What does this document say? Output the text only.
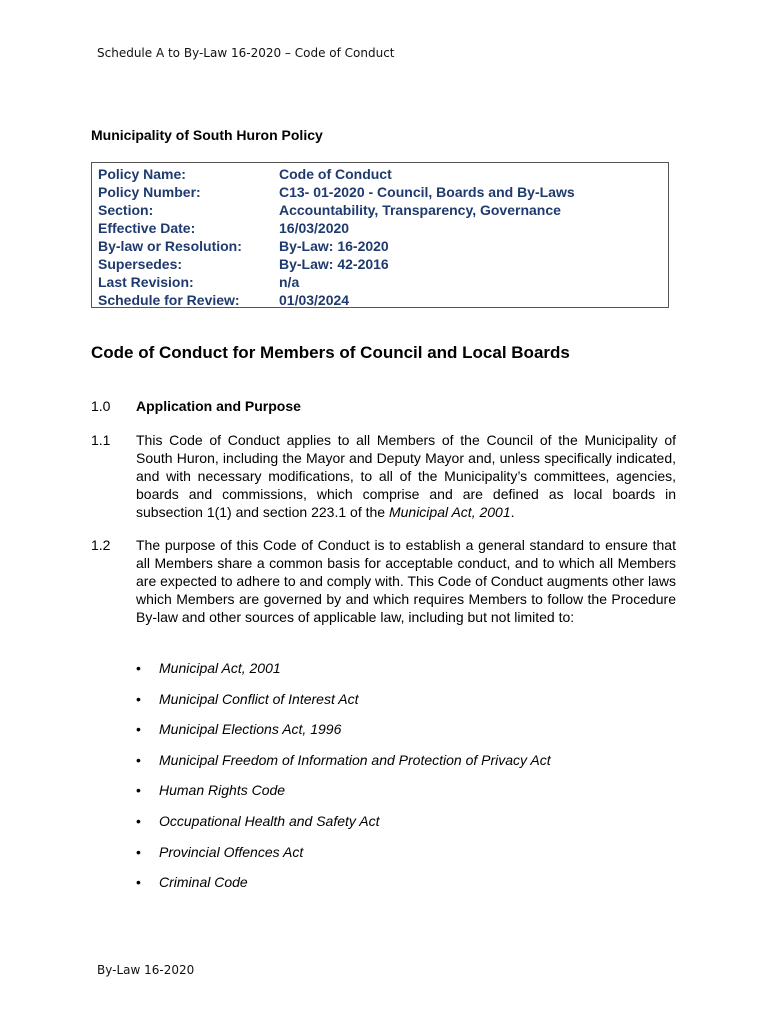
Schedule A to By-Law 16-2020 – Code of Conduct
Municipality of South Huron Policy
Policy Name:
Policy Number:
Section:
Effective Date:
By-law or Resolution:
Supersedes:
Last Revision:
Schedule for Review:
Code of Conduct
C13- 01-2020 - Council, Boards and By-Laws
Accountability, Transparency, Governance
16/03/2020
By-Law: 16-2020
By-Law: 42-2016
n/a
01/03/2024
Code of Conduct for Members of Council and Local Boards
1.0	Application and Purpose
1.1 This Code of Conduct applies to all Members of the Council of the Municipality of South Huron, including the Mayor and Deputy Mayor and, unless specifically indicated, and with necessary modifications, to all of the Municipality’s committees, agencies, boards and commissions, which comprise and are defined as local boards in subsection 1(1) and section 223.1 of the Municipal Act, 2001.
1.2 The purpose of this Code of Conduct is to establish a general standard to ensure that all Members share a common basis for acceptable conduct, and to which all Members are expected to adhere to and comply with. This Code of Conduct augments other laws which Members are governed by and which requires Members to follow the Procedure By-law and other sources of applicable law, including but not limited to:
• Municipal Act, 2001
• Municipal Conflict of Interest Act
• Municipal Elections Act, 1996
• Municipal Freedom of Information and Protection of Privacy Act
• Human Rights Code
• Occupational Health and Safety Act
• Provincial Offences Act
• Criminal Code
By-Law 16-2020
